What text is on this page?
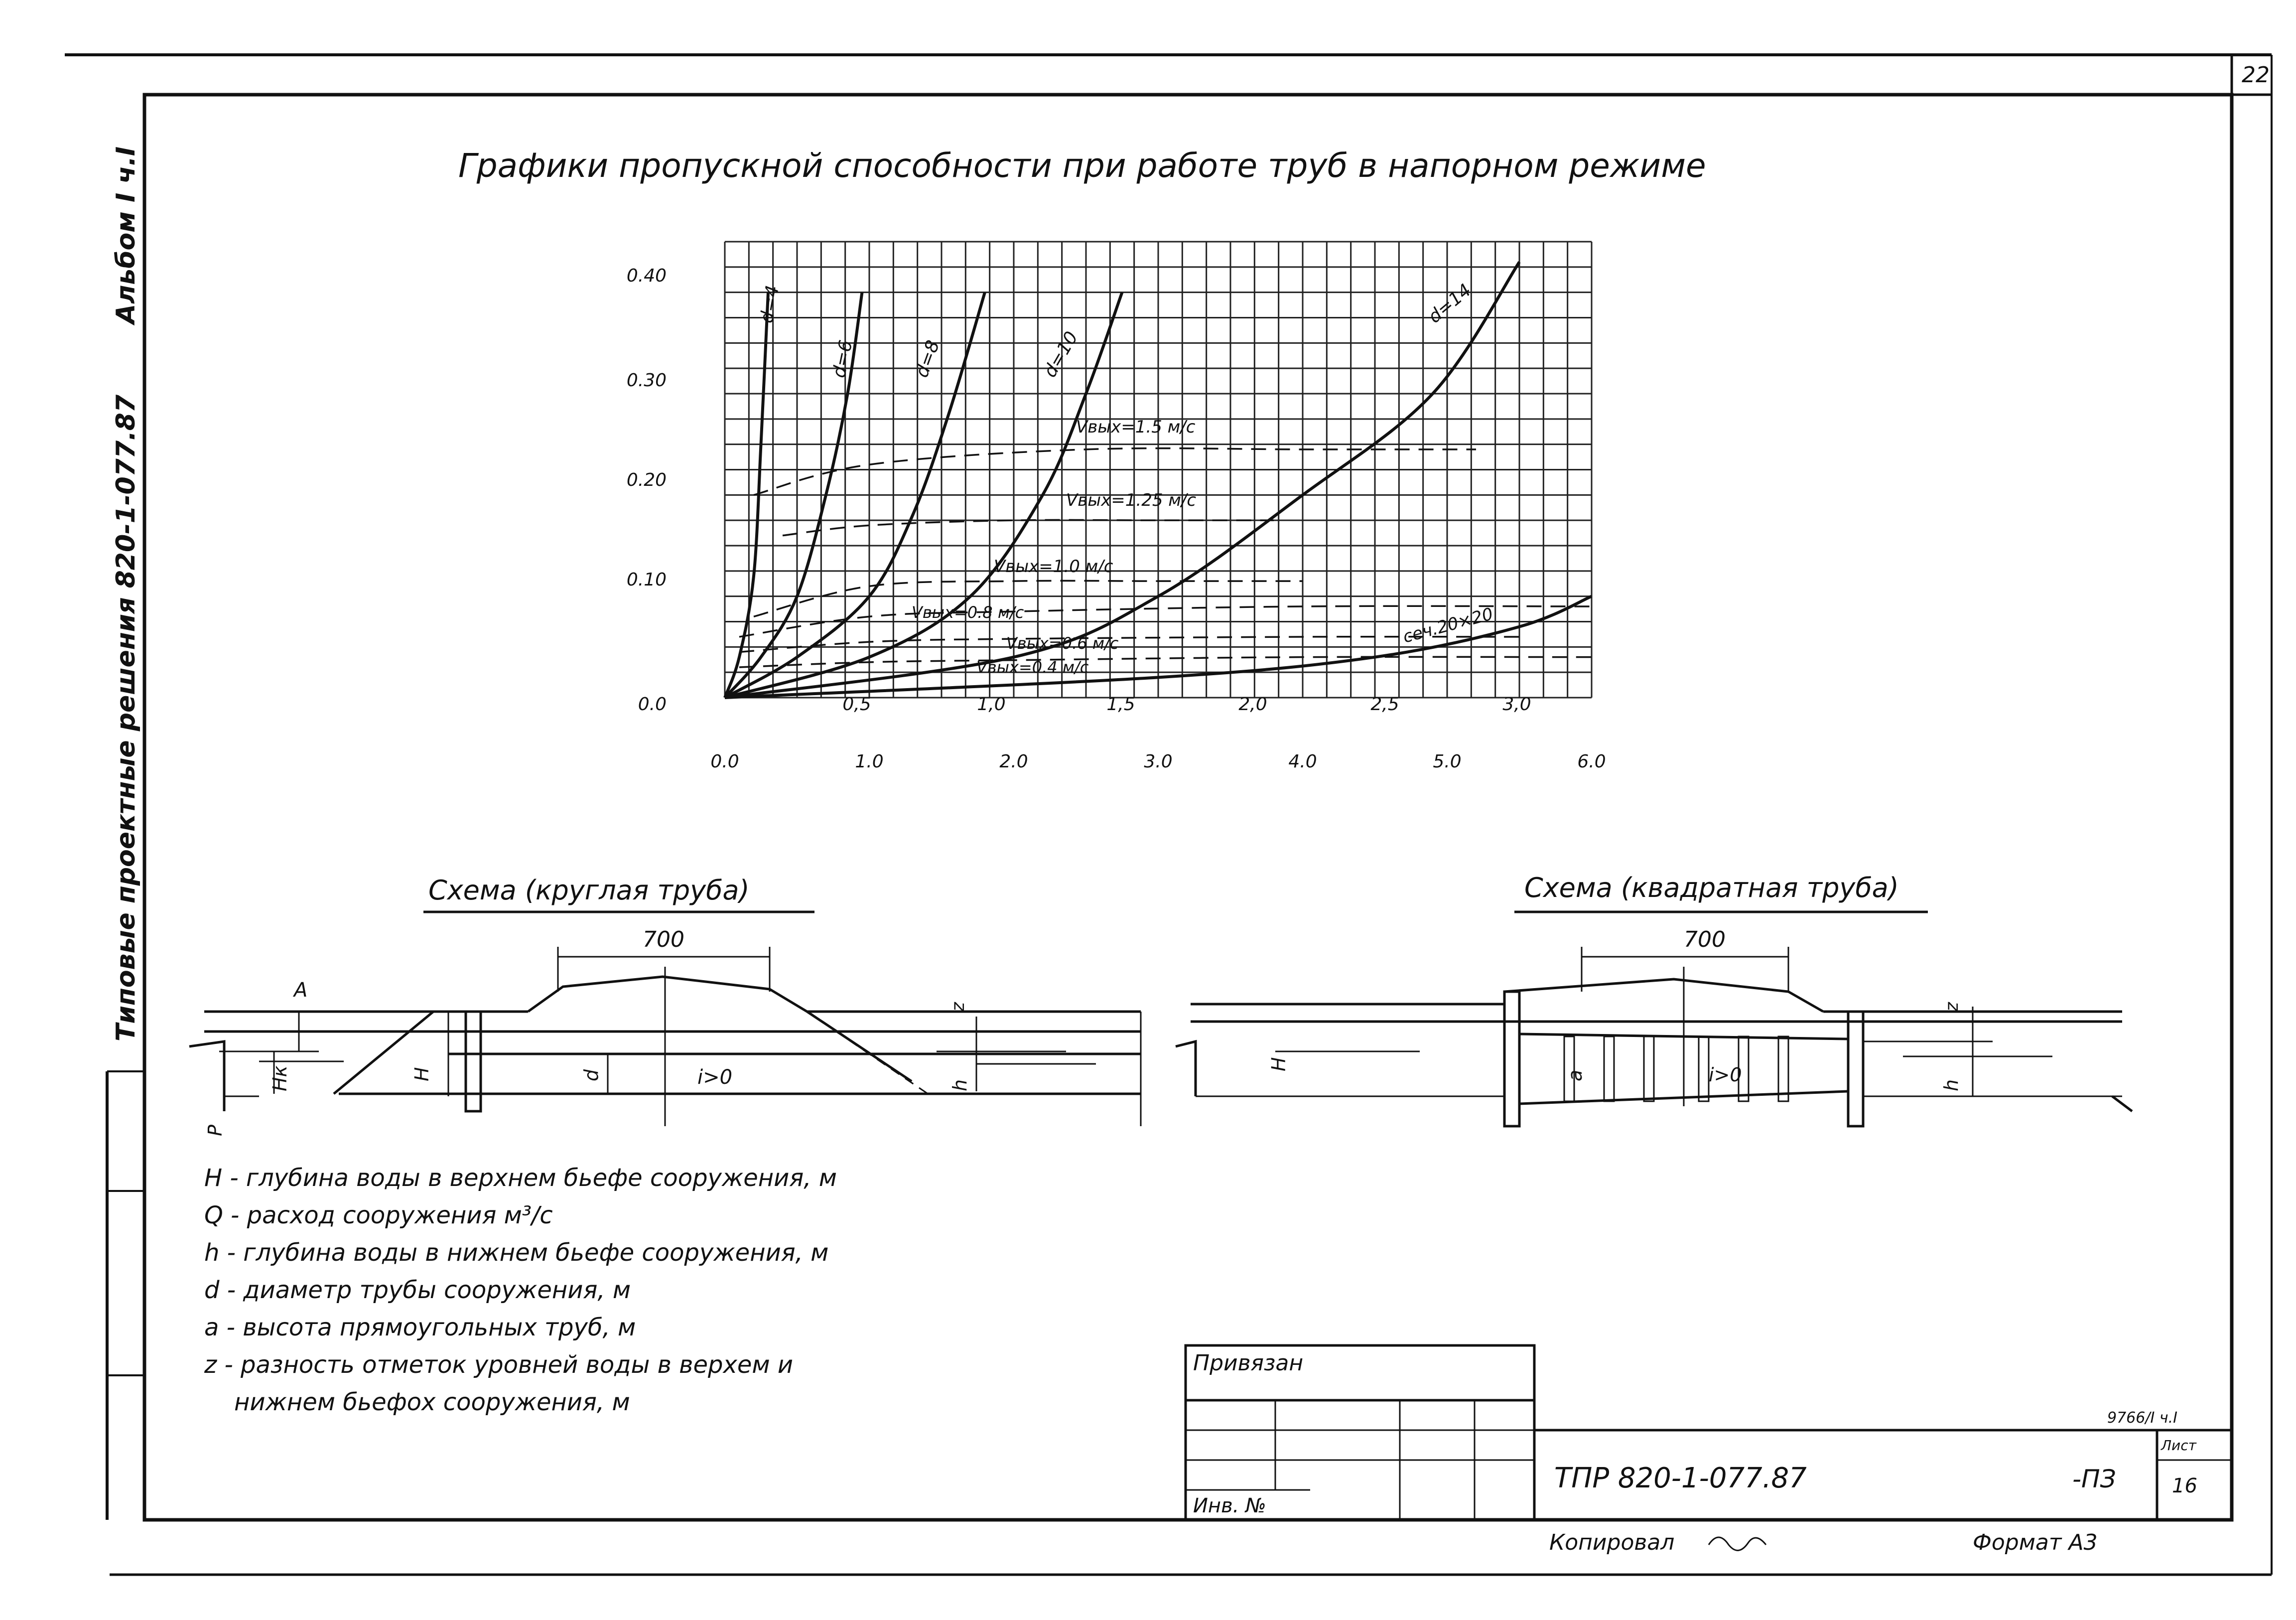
22
Альбом I ч.I
Типовые проектные решения 820-1-077.87
Графики пропускной способности при работе труб в напорном режиме
0.40
0.30
0.20
0.10
0.0	0,5	1,0	1,5	2,0	2,5	3,0
0.0	1.0	2.0	3.0	4.0	5.0	6.0
d=4
d=6	d=8	d=10
d=14
сеч.20×20
Vвых=1.5 м/с
Vвых=1.25 м/с
Vвых=1.0 м/с
Vвых=0.8 м/с
Vвых=0.6 м/с
Vвых=0.4 м/с
Схема (круглая труба)
700
A
Hк	H	d	i>0
z
h
P
Схема (квадратная труба)
700
H
a	i>0
z
h
H - глубина воды в верхнем бьефе сооружения, м
Q - расход сооружения м³/с
h - глубина воды в нижнем бьефе сооружения, м
d - диаметр трубы сооружения, м
a - высота прямоугольных труб, м
z - разность отметок уровней воды в верхем и
нижнем бьефох сооружения, м
Привязан
Инв. №
ТПР 820-1-077.87	-ПЗ
9766/I ч.I
Лист
16
Копировал	Формат А3
